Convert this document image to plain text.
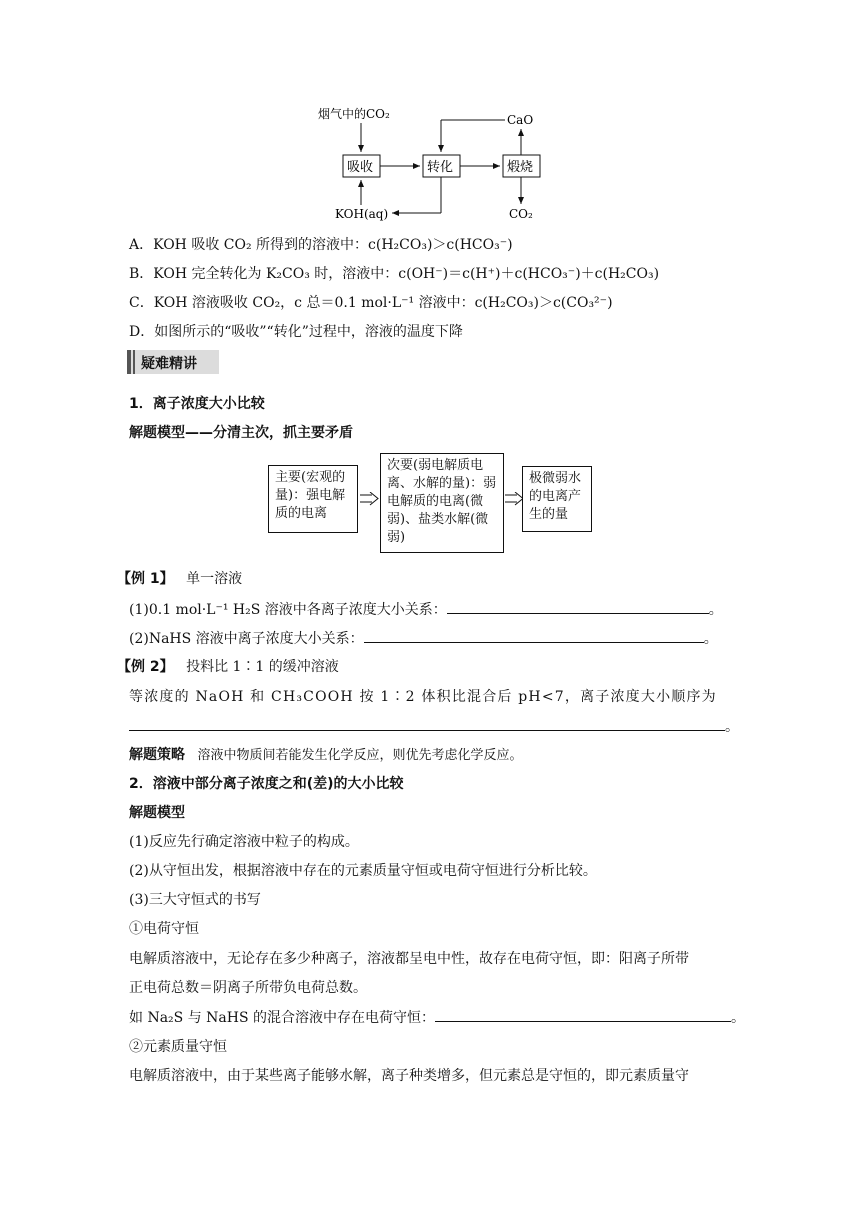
烟气中的CO₂
吸收	转化	煅烧
CaO
CO₂
KOH(aq)
A．KOH 吸收 CO₂ 所得到的溶液中：c(H₂CO₃)＞c(HCO₃⁻)
B．KOH 完全转化为 K₂CO₃ 时，溶液中：c(OH⁻)＝c(H⁺)＋c(HCO₃⁻)＋c(H₂CO₃)
C．KOH 溶液吸收 CO₂，c 总＝0.1 mol·L⁻¹ 溶液中：c(H₂CO₃)＞c(CO₃²⁻)
D．如图所示的“吸收”“转化”过程中，溶液的温度下降
疑难精讲
1．离子浓度大小比较
解题模型——分清主次，抓主要矛盾
主要(宏观的量)：强电解质的电离
次要(弱电解质电离、水解的量)：弱电解质的电离(微弱)、盐类水解(微弱)
极微弱水的电离产生的量
【例 1】 单一溶液
(1)0.1 mol·L⁻¹ H₂S 溶液中各离子浓度大小关系：	。
(2)NaHS 溶液中离子浓度大小关系：	。
【例 2】 投料比 1∶1 的缓冲溶液
等浓度的 NaOH 和 CH₃COOH 按 1∶2 体积比混合后 pH<7，离子浓度大小顺序为
。
解题策略 溶液中物质间若能发生化学反应，则优先考虑化学反应。
2．溶液中部分离子浓度之和(差)的大小比较
解题模型
(1)反应先行确定溶液中粒子的构成。
(2)从守恒出发，根据溶液中存在的元素质量守恒或电荷守恒进行分析比较。
(3)三大守恒式的书写
①电荷守恒
电解质溶液中，无论存在多少种离子，溶液都呈电中性，故存在电荷守恒，即：阳离子所带
正电荷总数＝阴离子所带负电荷总数。
如 Na₂S 与 NaHS 的混合溶液中存在电荷守恒：	。
②元素质量守恒
电解质溶液中，由于某些离子能够水解，离子种类增多，但元素总是守恒的，即元素质量守
